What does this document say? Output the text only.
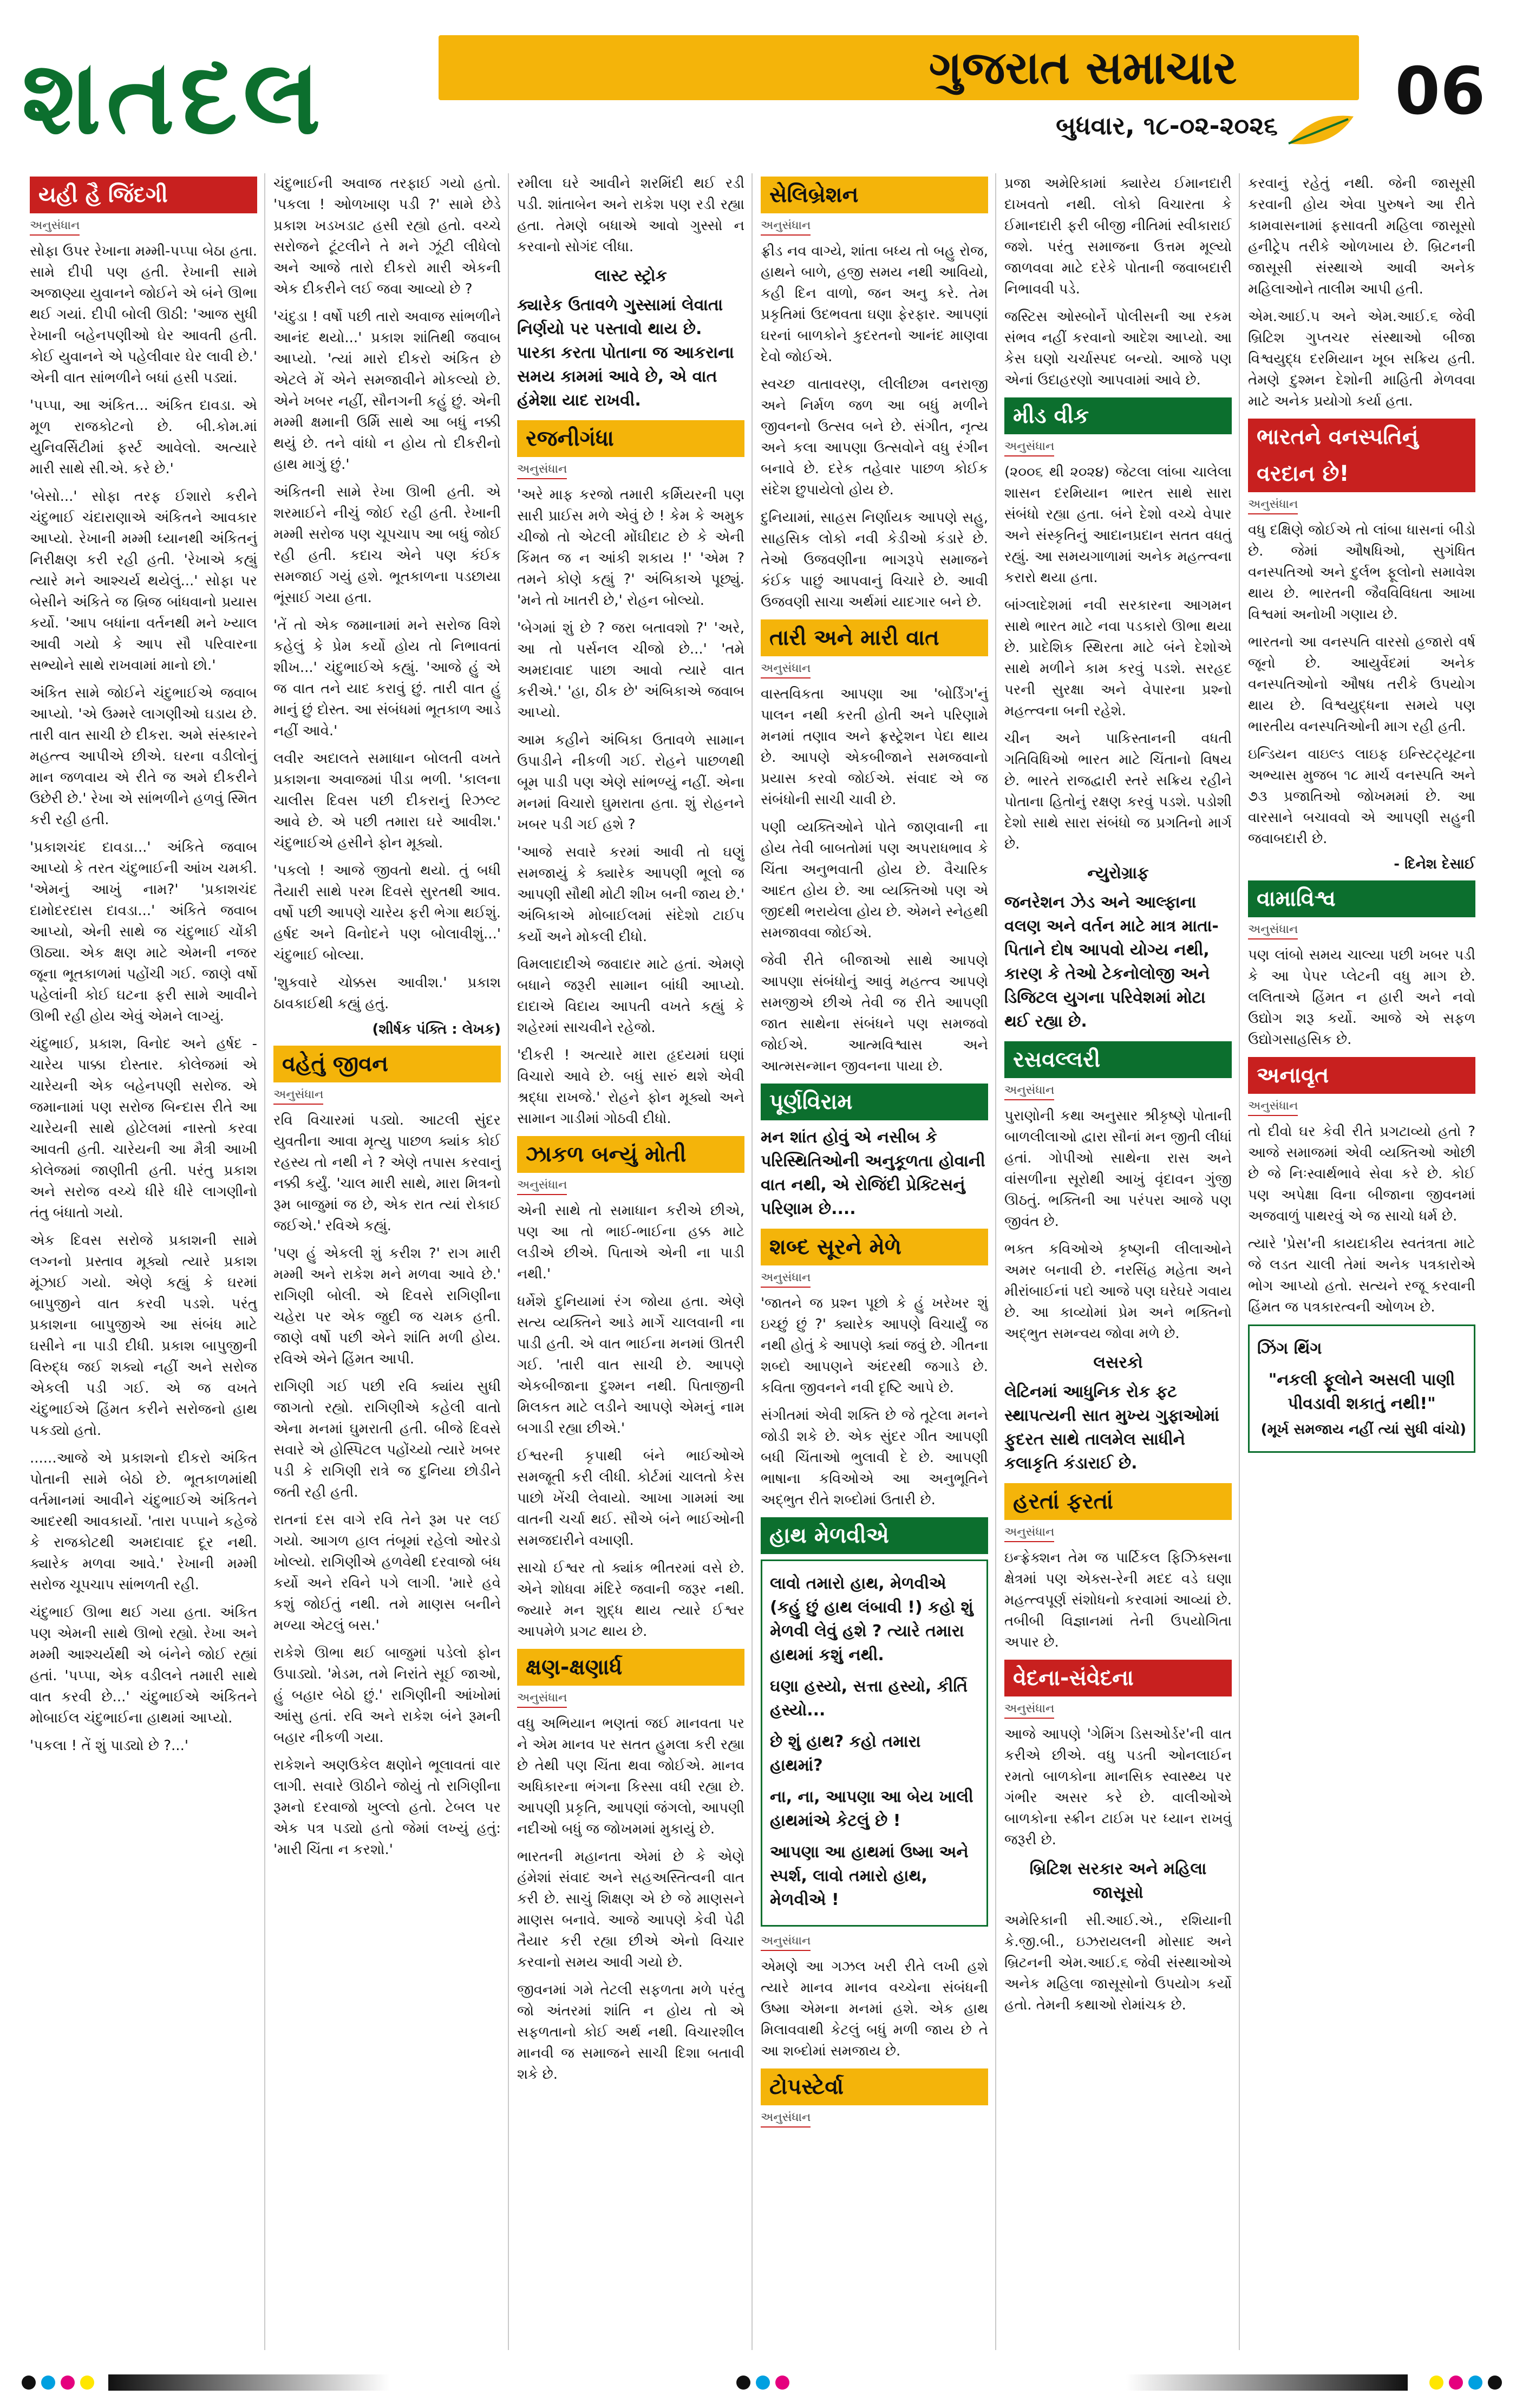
શતદલ	ગુજરાત સમાચાર
બુધવાર, ૧૮-૦૨-૨૦૨૬ 06
યહી હૈ જિંદગી
અનુસંધાન

સોફા ઉપર રેખાના મમ્મી-પપ્પા બેઠા હતા. સામે દીપી પણ હતી. રેખાની સામે અજાણ્યા યુવાનને જોઈને એ બંને ઊભા થઈ ગયાં. દીપી બોલી ઊઠી: 'આજ સુધી રેખાની બહેનપણીઓ ઘેર આવતી હતી. કોઈ યુવાનને એ પહેલીવાર ઘેર લાવી છે.' એની વાત સાંભળીને બધાં હસી પડ્યાં.

'પપ્પા, આ અંકિત... અંકિત દાવડા. એ મૂળ રાજકોટનો છે. બી.કોમ.માં યુનિવર્સિટીમાં ફર્સ્ટ આવેલો. અત્યારે મારી સાથે સી.એ. કરે છે.'

'બેસો...' સોફા તરફ ઈશારો કરીને ચંદુભાઈ ચંદારાણાએ અંકિતને આવકાર આપ્યો. રેખાની મમ્મી ધ્યાનથી અંકિતનું નિરીક્ષણ કરી રહી હતી. 'રેખાએ કહ્યું ત્યારે મને આશ્ચર્ય થયેલું...' સોફા પર બેસીને અંકિતે જ બ્રિજ બાંધવાનો પ્રયાસ કર્યો. 'આપ બધાંના વર્તનથી મને ખ્યાલ આવી ગયો કે આપ સૌ પરિવારના સભ્યોને સાથે રાખવામાં માનો છો.'

અંકિત સામે જોઈને ચંદુભાઈએ જવાબ આપ્યો. 'એ ઉમ્મરે લાગણીઓ ઘડાય છે. તારી વાત સાચી છે દીકરા. અમે સંસ્કારને મહત્ત્વ આપીએ છીએ. ઘરના વડીલોનું માન જળવાય એ રીતે જ અમે દીકરીને ઉછેરી છે.' રેખા એ સાંભળીને હળવું સ્મિત કરી રહી હતી.

'પ્રકાશચંદ દાવડા...' અંકિતે જવાબ આપ્યો કે તરત ચંદુભાઈની આંખ ચમકી. 'એમનું આખું નામ?' 'પ્રકાશચંદ દામોદરદાસ દાવડા...' અંકિતે જવાબ આપ્યો, એની સાથે જ ચંદુભાઈ ચોંકી ઊઠ્યા. એક ક્ષણ માટે એમની નજર જૂના ભૂતકાળમાં પહોંચી ગઈ. જાણે વર્ષો પહેલાંની કોઈ ઘટના ફરી સામે આવીને ઊભી રહી હોય એવું એમને લાગ્યું.

ચંદુભાઈ, પ્રકાશ, વિનોદ અને હર્ષદ - ચારેય પાક્કા દોસ્તાર. કોલેજમાં એ ચારેયની એક બહેનપણી સરોજ. એ જમાનામાં પણ સરોજ બિન્દાસ રીતે આ ચારેયની સાથે હોટેલમાં નાસ્તો કરવા આવતી હતી. ચારેયની આ મૈત્રી આખી કોલેજમાં જાણીતી હતી. પરંતુ પ્રકાશ અને સરોજ વચ્ચે ધીરે ધીરે લાગણીનો તંતુ બંધાતો ગયો.

એક દિવસ સરોજે પ્રકાશની સામે લગ્નનો પ્રસ્તાવ મૂક્યો ત્યારે પ્રકાશ મૂંઝાઈ ગયો. એણે કહ્યું કે ઘરમાં બાપુજીને વાત કરવી પડશે. પરંતુ પ્રકાશના બાપુજીએ આ સંબંધ માટે ઘસીને ના પાડી દીધી. પ્રકાશ બાપુજીની વિરુદ્ધ જઈ શક્યો નહીં અને સરોજ એકલી પડી ગઈ. એ જ વખતે ચંદુભાઈએ હિંમત કરીને સરોજનો હાથ પકડ્યો હતો.

......આજે એ પ્રકાશનો દીકરો અંકિત પોતાની સામે બેઠો છે. ભૂતકાળમાંથી વર્તમાનમાં આવીને ચંદુભાઈએ અંકિતને આદરથી આવકાર્યો. 'તારા પપ્પાને કહેજે કે રાજકોટથી અમદાવાદ દૂર નથી. ક્યારેક મળવા આવે.' રેખાની મમ્મી સરોજ ચૂપચાપ સાંભળતી રહી.

ચંદુભાઈ ઊભા થઈ ગયા હતા. અંકિત પણ એમની સાથે ઊભો રહ્યો. રેખા અને મમ્મી આશ્ચર્યથી એ બંનેને જોઈ રહ્યાં હતાં. 'પપ્પા, એક વડીલને તમારી સાથે વાત કરવી છે...' ચંદુભાઈએ અંકિતને મોબાઈલ ચંદુભાઈના હાથમાં આપ્યો.

'પકલા ! તેં શું પાડ્યો છે ?...'

ચંદુભાઈની અવાજ તરફાઈ ગયો હતો. 'પકલા ! ઓળખાણ પડી ?' સામે છેડે પ્રકાશ ખડખડાટ હસી રહ્યો હતો. વચ્ચે સરોજને ટૂંટલીને તે મને ઝૂંટી લીધેલો અને આજે તારો દીકરો મારી એકની એક દીકરીને લઈ જવા આવ્યો છે ?

'ચંદુડા ! વર્ષો પછી તારો અવાજ સાંભળીને આનંદ થયો...' પ્રકાશ શાંતિથી જવાબ આપ્યો. 'ત્યાં મારો દીકરો અંકિત છે એટલે મેં એને સમજાવીને મોકલ્યો છે. એને ખબર નહીં, સૌનગની કહું છું. એની મમ્મી ક્ષમાની ઉર્મિ સાથે આ બધું નક્કી થયું છે. તને વાંધો ન હોય તો દીકરીનો હાથ માગું છું.'

અંકિતની સામે રેખા ઊભી હતી. એ શરમાઈને નીચું જોઈ રહી હતી. રેખાની મમ્મી સરોજ પણ ચૂપચાપ આ બધું જોઈ રહી હતી. કદાચ એને પણ કંઈક સમજાઈ ગયું હશે. ભૂતકાળના પડછાયા ભૂંસાઈ ગયા હતા.

'તેં તો એક જમાનામાં મને સરોજ વિશે કહેલું કે પ્રેમ કર્યો હોય તો નિભાવતાં શીખ...' ચંદુભાઈએ કહ્યું. 'આજે હું એ જ વાત તને યાદ કરાવું છું. તારી વાત હું માનું છું દોસ્ત. આ સંબંધમાં ભૂતકાળ આડે નહીં આવે.'

લવીર અદાલતે સમાધાન બોલતી વખતે પ્રકાશના અવાજમાં પીડા ભળી. 'કાલના ચાલીસ દિવસ પછી દીકરાનું રિઝલ્ટ આવે છે. એ પછી તમારા ઘરે આવીશ.' ચંદુભાઈએ હસીને ફોન મૂક્યો.

'પકલો ! આજે જીવતો થયો. તું બધી તૈયારી સાથે પરમ દિવસે સુરતથી આવ. વર્ષો પછી આપણે ચારેય ફરી ભેગા થઈશું. હર્ષદ અને વિનોદને પણ બોલાવીશું...' ચંદુભાઈ બોલ્યા.

'શુકવારે ચોક્કસ આવીશ.' પ્રકાશ ઠાવકાઈથી કહ્યું હતું.

(શીર્ષક પંક્તિ : લેખક)
વહેતું જીવન
અનુસંધાન

રવિ વિચારમાં પડ્યો. આટલી સુંદર યુવતીના આવા મૃત્યુ પાછળ ક્યાંક કોઈ રહસ્ય તો નથી ને ? એણે તપાસ કરવાનું નક્કી કર્યું. 'ચાલ મારી સાથે, મારા મિત્રનો રૂમ બાજુમાં જ છે, એક રાત ત્યાં રોકાઈ જઈએ.' રવિએ કહ્યું.

'પણ હું એકલી શું કરીશ ?' રાગ મારી મમ્મી અને રાકેશ મને મળવા આવે છે.' રાગિણી બોલી. એ દિવસે રાગિણીના ચહેરા પર એક જુદી જ ચમક હતી. જાણે વર્ષો પછી એને શાંતિ મળી હોય. રવિએ એને હિંમત આપી.

રાગિણી ગઈ પછી રવિ ક્યાંય સુધી જાગતો રહ્યો. રાગિણીએ કહેલી વાતો એના મનમાં ઘુમરાતી હતી. બીજે દિવસે સવારે એ હોસ્પિટલ પહોંચ્યો ત્યારે ખબર પડી કે રાગિણી રાત્રે જ દુનિયા છોડીને જતી રહી હતી.

રાતનાં દસ વાગે રવિ તેને રૂમ પર લઈ ગયો. આગળ હાલ તંબૂમાં રહેલો ઓરડો ખોલ્યો. રાગિણીએ હળવેથી દરવાજો બંધ કર્યો અને રવિને પગે લાગી. 'મારે હવે કશું જોઈતું નથી. તમે માણસ બનીને મળ્યા એટલું બસ.'

રાકેશે ઊભા થઈ બાજુમાં પડેલો ફોન ઉપાડ્યો. 'મેડમ, તમે નિરાંતે સૂઈ જાઓ, હું બહાર બેઠો છું.' રાગિણીની આંખોમાં આંસુ હતાં. રવિ અને રાકેશ બંને રૂમની બહાર નીકળી ગયા.

રાકેશને અણઉકેલ ક્ષણોને ભૂલાવતાં વાર લાગી. સવારે ઊઠીને જોયું તો રાગિણીના રૂમનો દરવાજો ખુલ્લો હતો. ટેબલ પર એક પત્ર પડ્યો હતો જેમાં લખ્યું હતું: 'મારી ચિંતા ન કરશો.'

રમીલા ઘરે આવીને શરમિંદી થઈ રડી પડી. શાંતાબેન અને રાકેશ પણ રડી રહ્યા હતા. તેમણે બધાએ આવો ગુસ્સો ન કરવાનો સોગંદ લીધા.

લાસ્ટ સ્ટ્રોક

ક્યારેક ઉતાવળે ગુસ્સામાં લેવાતા નિર્ણયો પર પસ્તાવો થાય છે. પારકા કરતા પોતાના જ આકરાના સમય કામમાં આવે છે, એ વાત હંમેશા યાદ રાખવી.

રજનીગંધા
અનુસંધાન

'અરે માફ કરજો તમારી કર્મિયરની પણ સારી પ્રાઈસ મળે એવું છે ! કેમ કે અમુક ચીજો તો એટલી મોંઘીદાટ છે કે એની કિંમત જ ન આંકી શકાય !' 'એમ ? તમને કોણે કહ્યું ?' અંબિકાએ પૂછ્યું. 'મને તો ખાતરી છે,' રોહન બોલ્યો.

'બેગમાં શું છે ? જરા બતાવશો ?' 'અરે, આ તો પર્સનલ ચીજો છે...' 'તમે અમદાવાદ પાછા આવો ત્યારે વાત કરીએ.' 'હા, ઠીક છે' અંબિકાએ જવાબ આપ્યો.

આમ કહીને અંબિકા ઉતાવળે સામાન ઉપાડીને નીકળી ગઈ. રોહને પાછળથી બૂમ પાડી પણ એણે સાંભળ્યું નહીં. એના મનમાં વિચારો ઘુમરાતા હતા. શું રોહનને ખબર પડી ગઈ હશે ?

'આજે સવારે કરમાં આવી તો ઘણું સમજાયું કે ક્યારેક આપણી ભૂલો જ આપણી સૌથી મોટી શીખ બની જાય છે.' અંબિકાએ મોબાઈલમાં સંદેશો ટાઈપ કર્યો અને મોકલી દીધો.

વિમલાદાદીએ જવાદાર માટે હતાં. એમણે બધાને જરૂરી સામાન બાંધી આપ્યો. દાદાએ વિદાય આપતી વખતે કહ્યું કે શહેરમાં સાચવીને રહેજો.

'દીકરી ! અત્યારે મારા હૃદયમાં ઘણાં વિચારો આવે છે. બધું સારું થશે એવી શ્રદ્ધા રાખજે.' રોહને ફોન મૂક્યો અને સામાન ગાડીમાં ગોઠવી દીધો.

ઝાકળ બન્યું મોતી
અનુસંધાન

એની સાથે તો સમાધાન કરીએ છીએ, પણ આ તો ભાઈ-ભાઈના હક્ક માટે લડીએ છીએ. પિતાએ એની ના પાડી નથી.'

ધર્મેશે દુનિયામાં રંગ જોયા હતા. એણે સત્ય વ્યક્તિને આડે માર્ગે ચાલવાની ના પાડી હતી. એ વાત ભાઈના મનમાં ઊતરી ગઈ. 'તારી વાત સાચી છે. આપણે એકબીજાના દુશ્મન નથી. પિતાજીની મિલકત માટે લડીને આપણે એમનું નામ બગાડી રહ્યા છીએ.'

ઈશ્વરની કૃપાથી બંને ભાઈઓએ સમજૂતી કરી લીધી. કોર્ટમાં ચાલતો કેસ પાછો ખેંચી લેવાયો. આખા ગામમાં આ વાતની ચર્ચા થઈ. સૌએ બંને ભાઈઓની સમજદારીને વખાણી.

સાચો ઈશ્વર તો ક્યાંક ભીતરમાં વસે છે. એને શોધવા મંદિરે જવાની જરૂર નથી. જ્યારે મન શુદ્ધ થાય ત્યારે ઈશ્વર આપમેળે પ્રગટ થાય છે.

ક્ષણ-ક્ષણાર્ધ
અનુસંધાન

વધુ અભિયાન ભણતાં જઈ માનવતા પર ને એમ માનવ પર સતત હુમલા કરી રહ્યા છે તેથી પણ ચિંતા થવા જોઈએ. માનવ અધિકારના ભંગના કિસ્સા વધી રહ્યા છે. આપણી પ્રકૃતિ, આપણાં જંગલો, આપણી નદીઓ બધું જ જોખમમાં મુકાયું છે.

ભારતની મહાનતા એમાં છે કે એણે હંમેશાં સંવાદ અને સહઅસ્તિત્વની વાત કરી છે. સાચું શિક્ષણ એ છે જે માણસને માણસ બનાવે. આજે આપણે કેવી પેઢી તૈયાર કરી રહ્યા છીએ એનો વિચાર કરવાનો સમય આવી ગયો છે.

જીવનમાં ગમે તેટલી સફળતા મળે પરંતુ જો અંતરમાં શાંતિ ન હોય તો એ સફળતાનો કોઈ અર્થ નથી. વિચારશીલ માનવી જ સમાજને સાચી દિશા બતાવી શકે છે.

સેલિબ્રેશન
અનુસંધાન

ફ્રીડ નવ વાગ્યે, શાંતા બધ્ય તો બહુ રોજ, હાથને બાળે, હજી સમય નથી આવિયો, કહી દિન વાળો, જન અનુ કરે. તેમ પ્રકૃતિમાં ઉદભવતા ઘણા ફેરફાર. આપણાં ઘરનાં બાળકોને કુદરતનો આનંદ માણવા દેવો જોઈએ.

સ્વચ્છ વાતાવરણ, લીલીછમ વનરાજી અને નિર્મળ જળ આ બધું મળીને જીવનનો ઉત્સવ બને છે. સંગીત, નૃત્ય અને કલા આપણા ઉત્સવોને વધુ રંગીન બનાવે છે. દરેક તહેવાર પાછળ કોઈક સંદેશ છુપાયેલો હોય છે.

દુનિયામાં, સાહસ નિર્ણાયક આપણે સહુ, સાહસિક લોકો નવી કેડીઓ કંડારે છે. તેઓ ઉજવણીના ભાગરૂપે સમાજને કંઈક પાછું આપવાનું વિચારે છે. આવી ઉજવણી સાચા અર્થમાં યાદગાર બને છે.

તારી અને મારી વાત
અનુસંધાન

વાસ્તવિકતા આપણા આ 'બોર્ડિંગ'નું પાલન નથી કરતી હોતી અને પરિણામે મનમાં તણાવ અને ફ્રસ્ટ્રેશન પેદા થાય છે. આપણે એકબીજાને સમજવાનો પ્રયાસ કરવો જોઈએ. સંવાદ એ જ સંબંધોની સાચી ચાવી છે.

પણી વ્યક્તિઓને પોતે જાણવાની ના હોય તેવી બાબતોમાં પણ અપરાધભાવ કે ચિંતા અનુભવાતી હોય છે. વૈચારિક આદત હોય છે. આ વ્યક્તિઓ પણ એ જીદથી ભરાયેલા હોય છે. એમને સ્નેહથી સમજાવવા જોઈએ.

જેવી રીતે બીજાઓ સાથે આપણે આપણા સંબંધોનું આવું મહત્ત્વ આપણે સમજીએ છીએ તેવી જ રીતે આપણી જાત સાથેના સંબંધને પણ સમજવો જોઈએ. આત્મવિશ્વાસ અને આત્મસન્માન જીવનના પાયા છે.

પૂર્ણવિરામ

મન શાંત હોવું એ નસીબ કે પરિસ્થિતિઓની અનુકૂળતા હોવાની વાત નથી, એ રોજિંદી પ્રેક્ટિસનું પરિણામ છે....

શબ્દ સૂરને મેળે
અનુસંધાન

'જાતને જ પ્રશ્ન પૂછો કે હું ખરેખર શું ઇચ્છું છું ?' ક્યારેક આપણે વિચાર્યું જ નથી હોતું કે આપણે ક્યાં જવું છે. ગીતના શબ્દો આપણને અંદરથી જગાડે છે. કવિતા જીવનને નવી દૃષ્ટિ આપે છે.

સંગીતમાં એવી શક્તિ છે જે તૂટેલા મનને જોડી શકે છે. એક સુંદર ગીત આપણી બધી ચિંતાઓ ભુલાવી દે છે. આપણી ભાષાના કવિઓએ આ અનુભૂતિને અદ્ભુત રીતે શબ્દોમાં ઉતારી છે.

હાથ મેળવીએ
લાવો તમારો હાથ, મેળવીએ (કહું છું હાથ લંબાવી !) કહો શું મેળવી લેવું હશે ? ત્યારે તમારા હાથમાં કશું નથી.
ઘણા હસ્યો, સત્તા હસ્યો, કીર્તિ હસ્યો...
છે શું હાથ? કહો તમારા હાથમાં?
ના, ના, આપણા આ બેય ખાલી હાથમાંએ કેટલું છે !
આપણા આ હાથમાં ઉષ્મા અને સ્પર્શ, લાવો તમારો હાથ, મેળવીએ !
અનુસંધાન

એમણે આ ગઝલ ખરી રીતે લખી હશે ત્યારે માનવ માનવ વચ્ચેના સંબંધની ઉષ્મા એમના મનમાં હશે. એક હાથ મિલાવવાથી કેટલું બધું મળી જાય છે તે આ શબ્દોમાં સમજાય છે.

ટોપસ્ટેર્વા
અનુસંધાન

પ્રજા અમેરિકામાં ક્યારેય ઈમાનદારી દાખવતો નથી. લોકો વિચારતા કે ઈમાનદારી ફરી બીજી નીતિમાં સ્વીકારાઈ જશે. પરંતુ સમાજના ઉત્તમ મૂલ્યો જાળવવા માટે દરેકે પોતાની જવાબદારી નિભાવવી પડે.

જસ્ટિસ ઓસ્બોર્ને પોલીસની આ રકમ સંભવ નહીં કરવાનો આદેશ આપ્યો. આ કેસ ઘણો ચર્ચાસ્પદ બન્યો. આજે પણ એનાં ઉદાહરણો આપવામાં આવે છે.

મીડ વીક
અનુસંધાન

(૨૦૦૬ થી ૨૦૨૪) જેટલા લાંબા ચાલેલા શાસન દરમિયાન ભારત સાથે સારા સંબંધો રહ્યા હતા. બંને દેશો વચ્ચે વેપાર અને સંસ્કૃતિનું આદાનપ્રદાન સતત વધતું રહ્યું. આ સમયગાળામાં અનેક મહત્ત્વના કરારો થયા હતા.

બાંગ્લાદેશમાં નવી સરકારના આગમન સાથે ભારત માટે નવા પડકારો ઊભા થયા છે. પ્રાદેશિક સ્થિરતા માટે બંને દેશોએ સાથે મળીને કામ કરવું પડશે. સરહદ પરની સુરક્ષા અને વેપારના પ્રશ્નો મહત્ત્વના બની રહેશે.

ચીન અને પાકિસ્તાનની વધતી ગતિવિધિઓ ભારત માટે ચિંતાનો વિષય છે. ભારતે રાજદ્વારી સ્તરે સક્રિય રહીને પોતાના હિતોનું રક્ષણ કરવું પડશે. પડોશી દેશો સાથે સારા સંબંધો જ પ્રગતિનો માર્ગ છે.

ન્યુરોગ્રાફ

જનરેશન ઝેડ અને આલ્ફાના વલણ અને વર્તન માટે માત્ર માતા-પિતાને દોષ આપવો યોગ્ય નથી, કારણ કે તેઓ ટેકનોલોજી અને ડિજિટલ યુગના પરિવેશમાં મોટા થઈ રહ્યા છે.

રસવલ્લરી
અનુસંધાન

પુરાણોની કથા અનુસાર શ્રીકૃષ્ણે પોતાની બાળલીલાઓ દ્વારા સૌનાં મન જીતી લીધાં હતાં. ગોપીઓ સાથેના રાસ અને વાંસળીના સૂરોથી આખું વૃંદાવન ગુંજી ઊઠતું. ભક્તિની આ પરંપરા આજે પણ જીવંત છે.

ભક્ત કવિઓએ કૃષ્ણની લીલાઓને અમર બનાવી છે. નરસિંહ મહેતા અને મીરાંબાઈનાં પદો આજે પણ ઘરેઘરે ગવાય છે. આ કાવ્યોમાં પ્રેમ અને ભક્તિનો અદ્ભુત સમન્વય જોવા મળે છે.

લસરકો

લેટિનમાં આધુનિક રોક ફટ સ્થાપત્યની સાત મુખ્ય ગુફાઓમાં ફુદરત સાથે તાલમેલ સાધીને કલાકૃતિ કંડારાઈ છે.

હરતાં ફરતાં
અનુસંધાન

ઇન્ફ્રેક્શન તેમ જ પાર્ટિકલ ફિઝિક્સના ક્ષેત્રમાં પણ એક્સ-રેની મદદ વડે ઘણા મહત્ત્વપૂર્ણ સંશોધનો કરવામાં આવ્યાં છે. તબીબી વિજ્ઞાનમાં તેની ઉપયોગિતા અપાર છે.

વેદના-સંવેદના
અનુસંધાન

આજે આપણે 'ગેમિંગ ડિસઓર્ડર'ની વાત કરીએ છીએ. વધુ પડતી ઓનલાઈન રમતો બાળકોના માનસિક સ્વાસ્થ્ય પર ગંભીર અસર કરે છે. વાલીઓએ બાળકોના સ્ક્રીન ટાઈમ પર ધ્યાન રાખવું જરૂરી છે.

બ્રિટિશ સરકાર અને મહિલા જાસૂસો

અમેરિકાની સી.આઈ.એ., રશિયાની કે.જી.બી., ઇઝરાયલની મોસાદ અને બ્રિટનની એમ.આઈ.૬ જેવી સંસ્થાઓએ અનેક મહિલા જાસૂસોનો ઉપયોગ કર્યો હતો. તેમની કથાઓ રોમાંચક છે.

કરવાનું રહેતું નથી. જેની જાસૂસી કરવાની હોય એવા પુરુષને આ રીતે કામવાસનામાં ફસાવતી મહિલા જાસૂસો હનીટ્રેપ તરીકે ઓળખાય છે. બ્રિટનની જાસૂસી સંસ્થાએ આવી અનેક મહિલાઓને તાલીમ આપી હતી.

એમ.આઈ.૫ અને એમ.આઈ.૬ જેવી બ્રિટિશ ગુપ્તચર સંસ્થાઓ બીજા વિશ્વયુદ્ધ દરમિયાન ખૂબ સક્રિય હતી. તેમણે દુશ્મન દેશોની માહિતી મેળવવા માટે અનેક પ્રયોગો કર્યા હતા.

ભારતને વનસ્પતિનું વરદાન છે!
અનુસંધાન

વધુ દક્ષિણે જોઈએ તો લાંબા ધાસનાં બીડો છે. જેમાં ઔષધિઓ, સુગંધિત વનસ્પતિઓ અને દુર્લભ ફૂલોનો સમાવેશ થાય છે. ભારતની જૈવવિવિધતા આખા વિશ્વમાં અનોખી ગણાય છે.

ભારતનો આ વનસ્પતિ વારસો હજારો વર્ષ જૂનો છે. આયુર્વેદમાં અનેક વનસ્પતિઓનો ઔષધ તરીકે ઉપયોગ થાય છે. વિશ્વયુદ્ધના સમયે પણ ભારતીય વનસ્પતિઓની માગ રહી હતી.

ઇન્ડિયન વાઇલ્ડ લાઇફ ઇન્સ્ટિટ્યૂટના અભ્યાસ મુજબ ૧૮ માર્ચ વનસ્પતિ અને ૭૩ પ્રજાતિઓ જોખમમાં છે. આ વારસાને બચાવવો એ આપણી સહુની જવાબદારી છે.

- દિનેશ દેસાઈ
વામાવિશ્વ
અનુસંધાન

પણ લાંબો સમય ચાલ્યા પછી ખબર પડી કે આ પેપર પ્લેટની વધુ માગ છે. લલિતાએ હિંમત ન હારી અને નવો ઉદ્યોગ શરૂ કર્યો. આજે એ સફળ ઉદ્યોગસાહસિક છે.

અનાવૃત
અનુસંધાન

તો દીવો ઘર કેવી રીતે પ્રગટાવ્યો હતો ? આજે સમાજમાં એવી વ્યક્તિઓ ઓછી છે જે નિઃસ્વાર્થભાવે સેવા કરે છે. કોઈ પણ અપેક્ષા વિના બીજાના જીવનમાં અજવાળું પાથરવું એ જ સાચો ધર્મ છે.

ત્યારે 'પ્રેસ'ની કાયદાકીય સ્વતંત્રતા માટે જે લડત ચાલી તેમાં અનેક પત્રકારોએ ભોગ આપ્યો હતો. સત્યને રજૂ કરવાની હિંમત જ પત્રકારત્વની ઓળખ છે.

ઝિંગ થિંગ
"નકલી ફૂલોને અસલી પાણી પીવડાવી શકાતું નથી!"
(મૂર્ખ સમજાય નહીં ત્યાં સુધી વાંચો)
